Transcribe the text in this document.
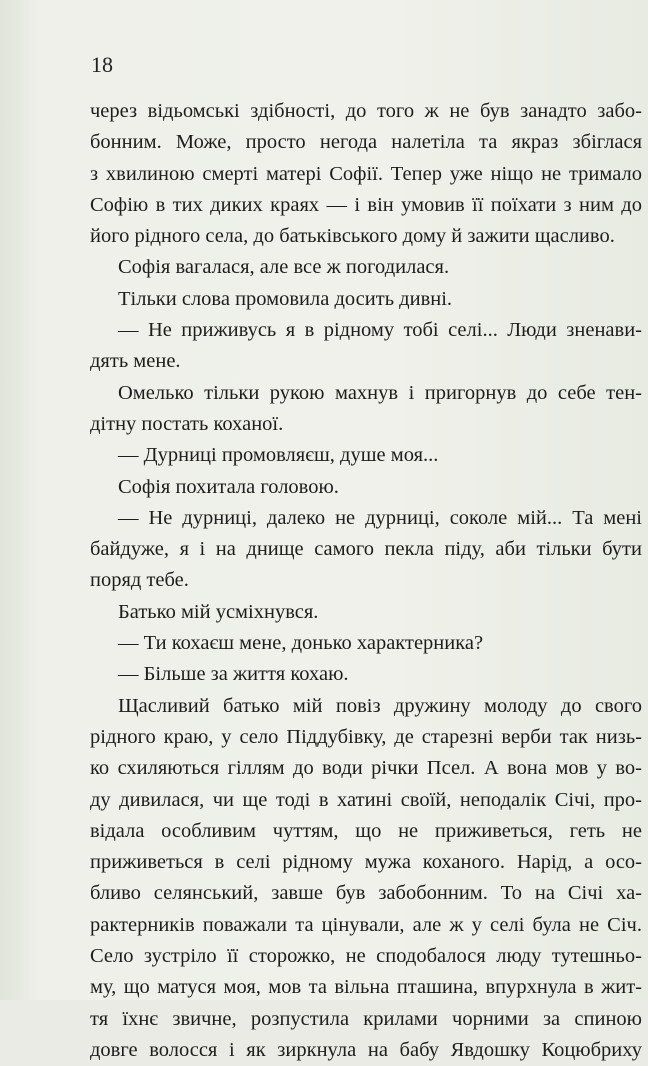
18
через відьомські здібності, до того ж не був занадто забо-
бонним. Може, просто негода налетіла та якраз збіглася
з хвилиною смерті матері Софії. Тепер уже ніщо не тримало
Софію в тих диких краях — і він умовив її поїхати з ним до
його рідного села, до батьківського дому й зажити щасливо.
Софія вагалася, але все ж погодилася.
Тільки слова промовила досить дивні.
— Не приживусь я в рідному тобі селі... Люди зненави-
дять мене.
Омелько тільки рукою махнув і пригорнув до себе тен-
дітну постать коханої.
— Дурниці промовляєш, душе моя...
Софія похитала головою.
— Не дурниці, далеко не дурниці, соколе мій... Та мені
байдуже, я і на днище самого пекла піду, аби тільки бути
поряд тебе.
Батько мій усміхнувся.
— Ти кохаєш мене, донько характерника?
— Більше за життя кохаю.
Щасливий батько мій повіз дружину молоду до свого
рідного краю, у село Піддубівку, де старезні верби так низь-
ко схиляються гіллям до води річки Псел. А вона мов у во-
ду дивилася, чи ще тоді в хатині своїй, неподалік Січі, про-
відала особливим чуттям, що не приживеться, геть не
приживеться в селі рідному мужа коханого. Нарід, а осо-
бливо селянський, завше був забобонним. То на Січі ха-
рактерників поважали та цінували, але ж у селі була не Січ.
Село зустріло її сторожко, не сподобалося люду тутешньо-
му, що матуся моя, мов та вільна пташина, впурхнула в жит-
тя їхнє звичне, розпустила крилами чорними за спиною
довге волосся і як зиркнула на бабу Явдошку Коцюбриху
